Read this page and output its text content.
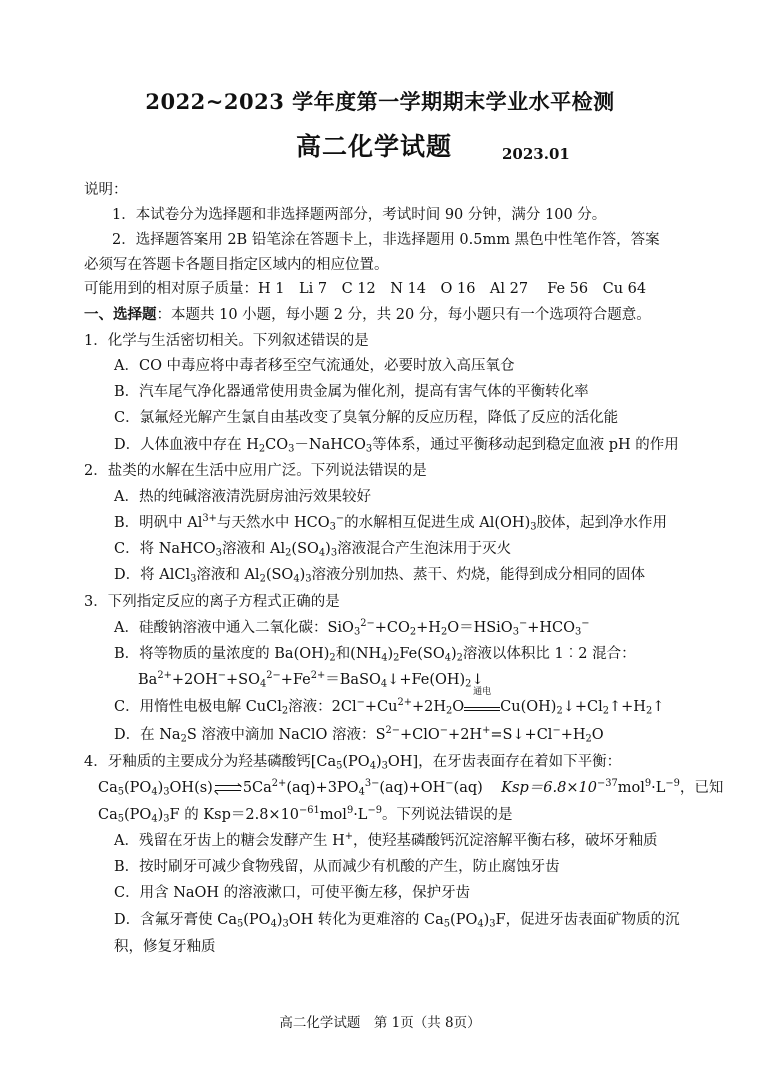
2022~2023 学年度第一学期期末学业水平检测
高二化学试题	2023.01
说明：
1．本试卷分为选择题和非选择题两部分，考试时间 90 分钟，满分 100 分。
2．选择题答案用 2B 铅笔涂在答题卡上，非选择题用 0.5mm 黑色中性笔作答，答案
必须写在答题卡各题目指定区域内的相应位置。
可能用到的相对原子质量：H 1　Li 7　C 12　N 14　O 16　Al 27　 Fe 56　Cu 64
一、选择题：本题共 10 小题，每小题 2 分，共 20 分，每小题只有一个选项符合题意。
1．化学与生活密切相关。下列叙述错误的是
A．CO 中毒应将中毒者移至空气流通处，必要时放入高压氧仓
B．汽车尾气净化器通常使用贵金属为催化剂，提高有害气体的平衡转化率
C．氯氟烃光解产生氯自由基改变了臭氧分解的反应历程，降低了反应的活化能
D．人体血液中存在 $H_2CO_3-NaHCO_3$等体系，通过平衡移动起到稳定血液 pH 的作用
2．盐类的水解在生活中应用广泛。下列说法错误的是
A．热的纯碱溶液清洗厨房油污效果较好
B．明矾中 $Al^{3+}$与天然水中 $HCO_3^-$的水解相互促进生成 $Al(OH)_3$胶体，起到净水作用
C．将 NaHCO$_3$溶液和 $Al_2(SO_4)_3$溶液混合产生泡沫用于灭火
D．将 AlCl$_3$溶液和 $Al_2(SO_4)_3$溶液分别加热、蒸干、灼烧，能得到成分相同的固体
3．下列指定反应的离子方程式正确的是
A．硅酸钠溶液中通入二氧化碳：$SiO_3^{2-}+CO_2+H_2O=HSiO_3^-+HCO_3^-$
B．将等物质的量浓度的 $Ba(OH)_2$和$(NH_4)_2Fe(SO_4)_2$溶液以体积比 1︰2 混合：
$Ba^{2+}+2OH^-+SO_4^{2-}+Fe^{2+}=BaSO_4↓+Fe(OH)_2↓$
C．用惰性电极电解 CuCl$_2$溶液：$2Cl^-+Cu^{2+}+2H_2O$
通电
$Cu(OH)_2↓+Cl_2↑+H_2↑$
D．在 $Na_2S$ 溶液中滴加 NaClO 溶液：$S^{2-}+ClO^-+2H^+=S↓+Cl^-+H_2O$
4．牙釉质的主要成分为羟基磷酸钙$[Ca_5(PO_4)_3OH]$，在牙齿表面存在着如下平衡：
$Ca_5(PO_4)_3OH(s)$ $5Ca^{2+}(aq)+3PO_4^{3-}(aq)+OH^-(aq)$    $Ksp=6.8\times 10^{-37}mol^9\cdot L^{-9}$，已知
$Ca_5(PO_4)_3F$ 的 $Ksp=2.8\times 10^{-61}mol^9\cdot L^{-9}$。下列说法错误的是
A．残留在牙齿上的糖会发酵产生 H+，使羟基磷酸钙沉淀溶解平衡右移，破坏牙釉质
B．按时刷牙可减少食物残留，从而减少有机酸的产生，防止腐蚀牙齿
C．用含 NaOH 的溶液漱口，可使平衡左移，保护牙齿
D．含氟牙膏使 $Ca_5(PO_4)_3OH$ 转化为更难溶的 $Ca_5(PO_4)_3F$，促进牙齿表面矿物质的沉
积，修复牙釉质
高二化学试题　第 1页（共 8页）
